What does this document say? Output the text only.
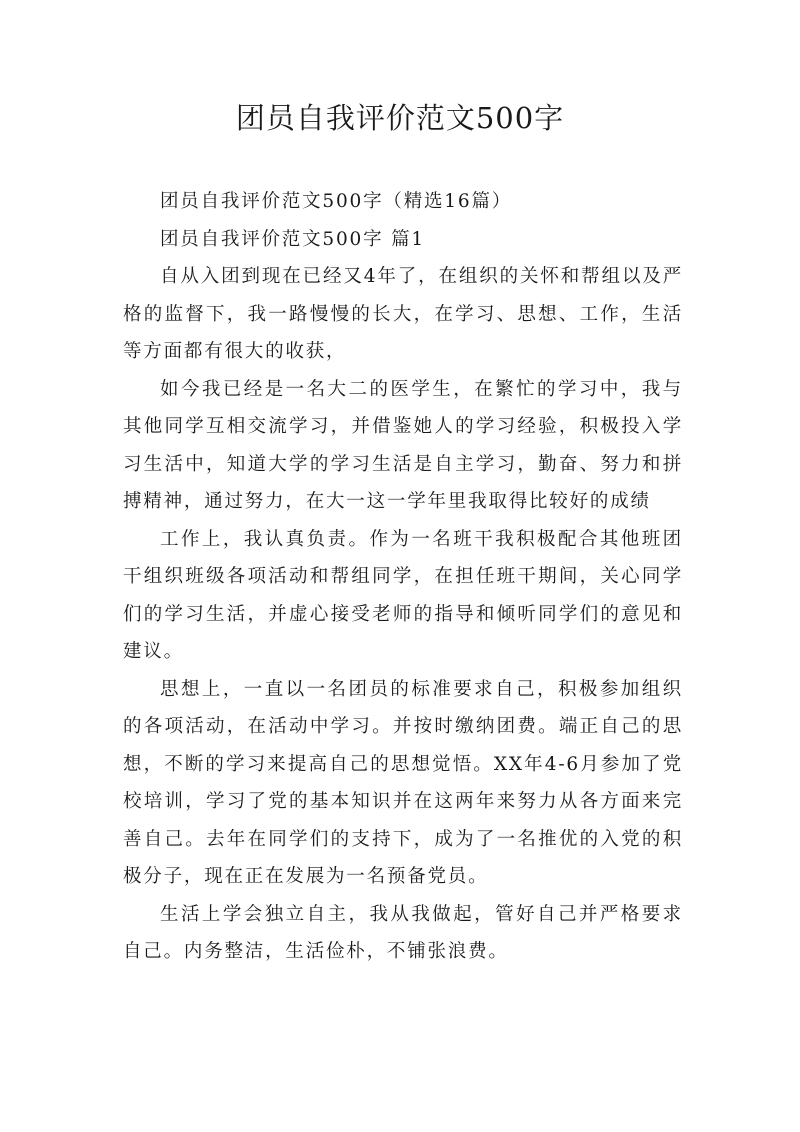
团员自我评价范文500字

团员自我评价范文500字（精选16篇）

团员自我评价范文500字 篇1

自从入团到现在已经又4年了，在组织的关怀和帮组以及严格的监督下，我一路慢慢的长大，在学习、思想、工作，生活等方面都有很大的收获，

如今我已经是一名大二的医学生，在繁忙的学习中，我与其他同学互相交流学习，并借鉴她人的学习经验，积极投入学习生活中，知道大学的学习生活是自主学习，勤奋、努力和拼搏精神，通过努力，在大一这一学年里我取得比较好的成绩

工作上，我认真负责。作为一名班干我积极配合其他班团干组织班级各项活动和帮组同学，在担任班干期间，关心同学们的学习生活，并虚心接受老师的指导和倾听同学们的意见和建议。

思想上，一直以一名团员的标准要求自己，积极参加组织的各项活动，在活动中学习。并按时缴纳团费。端正自己的思想，不断的学习来提高自己的思想觉悟。XX年4-6月参加了党校培训，学习了党的基本知识并在这两年来努力从各方面来完善自己。去年在同学们的支持下，成为了一名推优的入党的积极分子，现在正在发展为一名预备党员。

生活上学会独立自主，我从我做起，管好自己并严格要求自己。内务整洁，生活俭朴，不铺张浪费。
